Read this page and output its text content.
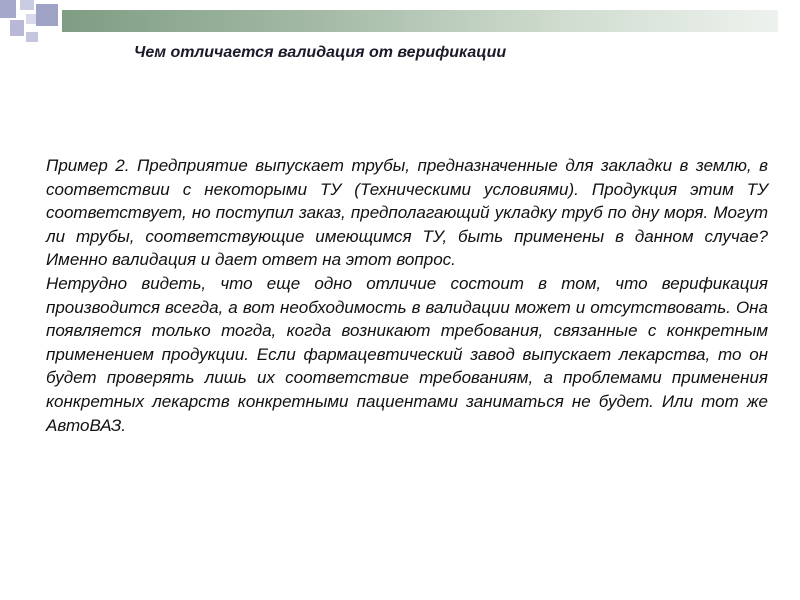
Чем отличается валидация от верификации

Пример 2. Предприятие выпускает трубы, предназначенные для закладки в землю, в соответствии с некоторыми ТУ (Техническими условиями). Продукция этим ТУ соответствует, но поступил заказ, предполагающий укладку труб по дну моря. Могут ли трубы, соответствующие имеющимся ТУ, быть применены в данном случае? Именно валидация и дает ответ на этот вопрос.

Нетрудно видеть, что еще одно отличие состоит в том, что верификация производится всегда, а вот необходимость в валидации может и отсутствовать. Она появляется только тогда, когда возникают требования, связанные с конкретным применением продукции. Если фармацевтический завод выпускает лекарства, то он будет проверять лишь их соответствие требованиям, а проблемами применения конкретных лекарств конкретными пациентами заниматься не будет. Или тот же АвтоВАЗ.
